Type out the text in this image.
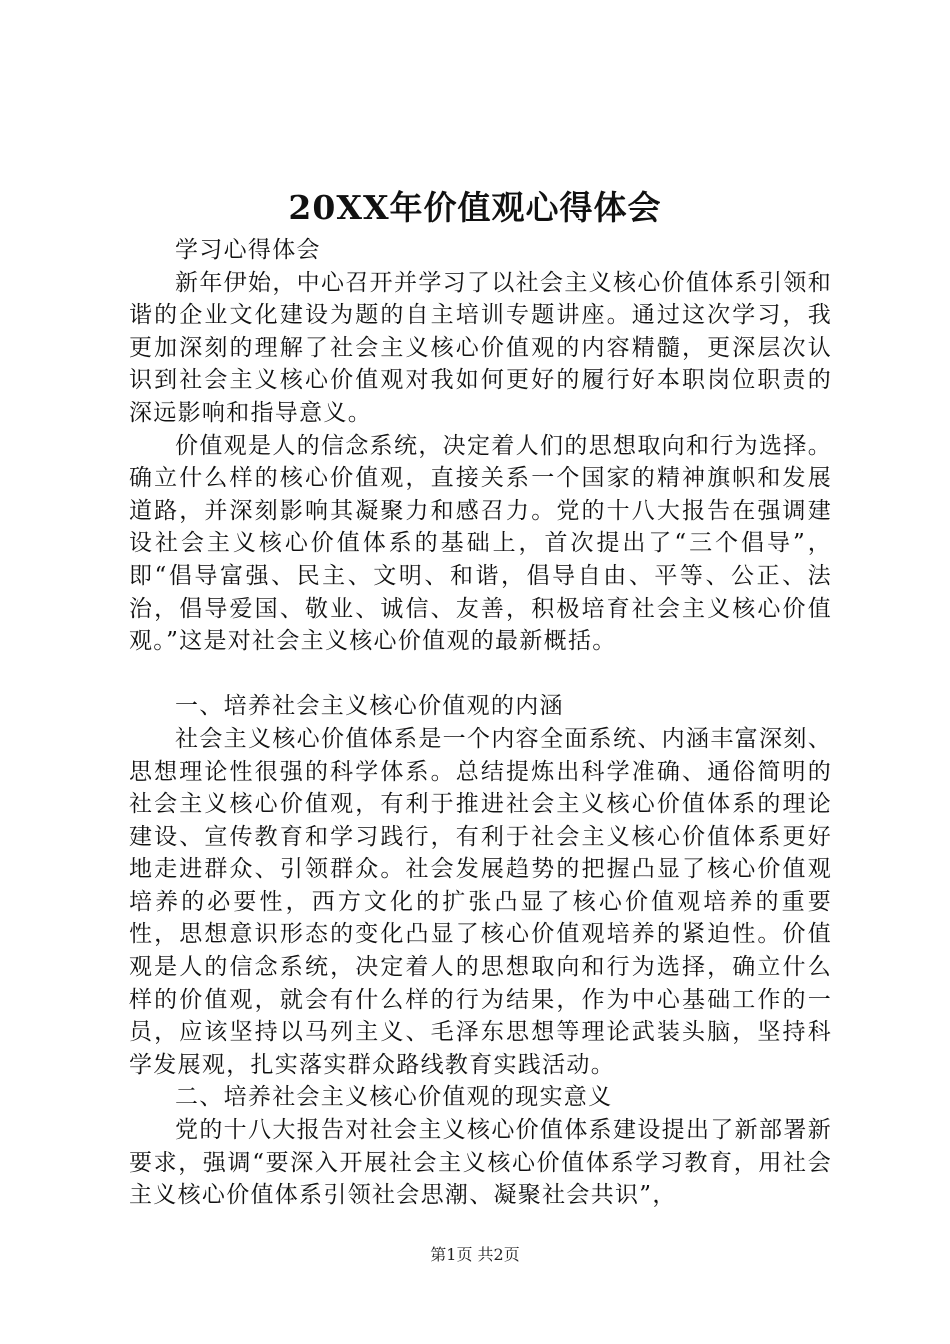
20XX年价值观心得体会

学习心得体会

新年伊始，中心召开并学习了以社会主义核心价值体系引领和谐的企业文化建设为题的自主培训专题讲座。通过这次学习，我更加深刻的理解了社会主义核心价值观的内容精髓，更深层次认识到社会主义核心价值观对我如何更好的履行好本职岗位职责的深远影响和指导意义。

价值观是人的信念系统，决定着人们的思想取向和行为选择。确立什么样的核心价值观，直接关系一个国家的精神旗帜和发展道路，并深刻影响其凝聚力和感召力。党的十八大报告在强调建设社会主义核心价值体系的基础上，首次提出了“三个倡导”，即“倡导富强、民主、文明、和谐，倡导自由、平等、公正、法治，倡导爱国、敬业、诚信、友善，积极培育社会主义核心价值观。”这是对社会主义核心价值观的最新概括。

一、培养社会主义核心价值观的内涵

社会主义核心价值体系是一个内容全面系统、内涵丰富深刻、思想理论性很强的科学体系。总结提炼出科学准确、通俗简明的社会主义核心价值观，有利于推进社会主义核心价值体系的理论建设、宣传教育和学习践行，有利于社会主义核心价值体系更好地走进群众、引领群众。社会发展趋势的把握凸显了核心价值观培养的必要性，西方文化的扩张凸显了核心价值观培养的重要性，思想意识形态的变化凸显了核心价值观培养的紧迫性。价值观是人的信念系统，决定着人的思想取向和行为选择，确立什么样的价值观，就会有什么样的行为结果，作为中心基础工作的一员，应该坚持以马列主义、毛泽东思想等理论武装头脑，坚持科学发展观，扎实落实群众路线教育实践活动。

二、培养社会主义核心价值观的现实意义

党的十八大报告对社会主义核心价值体系建设提出了新部署新要求，强调“要深入开展社会主义核心价值体系学习教育，用社会主义核心价值体系引领社会思潮、凝聚社会共识”，

第1页 共2页
